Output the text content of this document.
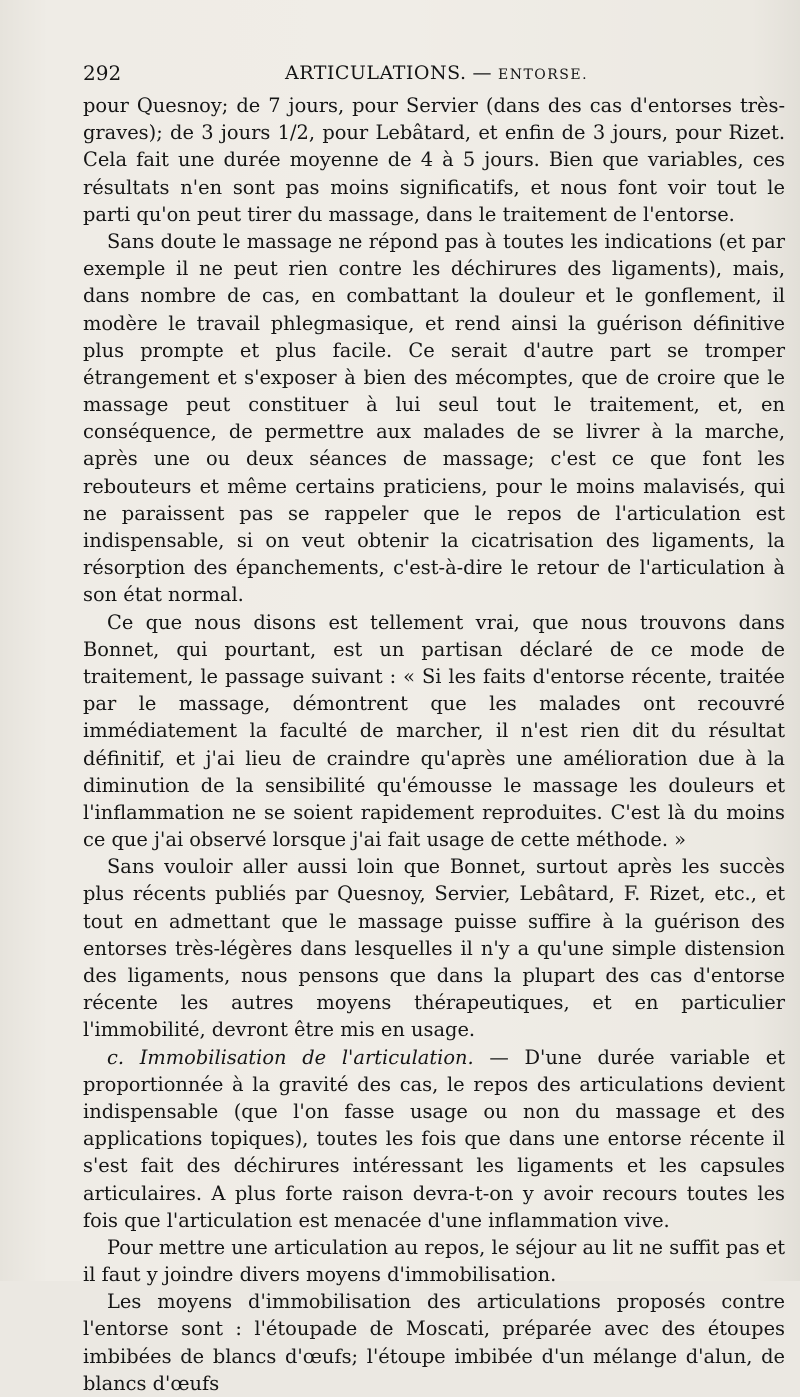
292	ARTICULATIONS. — ENTORSE.

pour Quesnoy; de 7 jours, pour Servier (dans des cas d'entorses très-graves); de 3 jours 1/2, pour Lebâtard, et enfin de 3 jours, pour Rizet. Cela fait une durée moyenne de 4 à 5 jours. Bien que variables, ces résultats n'en sont pas moins significatifs, et nous font voir tout le parti qu'on peut tirer du massage, dans le traitement de l'entorse.

Sans doute le massage ne répond pas à toutes les indications (et par exemple il ne peut rien contre les déchirures des ligaments), mais, dans nombre de cas, en combattant la douleur et le gonflement, il modère le travail phlegmasique, et rend ainsi la guérison définitive plus prompte et plus facile. Ce serait d'autre part se tromper étrangement et s'exposer à bien des mécomptes, que de croire que le massage peut constituer à lui seul tout le traitement, et, en conséquence, de permettre aux malades de se livrer à la marche, après une ou deux séances de massage; c'est ce que font les rebouteurs et même certains praticiens, pour le moins malavisés, qui ne paraissent pas se rappeler que le repos de l'articulation est indispensable, si on veut obtenir la cicatrisation des ligaments, la résorption des épanchements, c'est-à-dire le retour de l'articulation à son état normal.

Ce que nous disons est tellement vrai, que nous trouvons dans Bonnet, qui pourtant, est un partisan déclaré de ce mode de traitement, le passage suivant : « Si les faits d'entorse récente, traitée par le massage, démontrent que les malades ont recouvré immédiatement la faculté de marcher, il n'est rien dit du résultat définitif, et j'ai lieu de craindre qu'après une amélioration due à la diminution de la sensibilité qu'émousse le massage les douleurs et l'inflammation ne se soient rapidement reproduites. C'est là du moins ce que j'ai observé lorsque j'ai fait usage de cette méthode. »

Sans vouloir aller aussi loin que Bonnet, surtout après les succès plus récents publiés par Quesnoy, Servier, Lebâtard, F. Rizet, etc., et tout en admettant que le massage puisse suffire à la guérison des entorses très-légères dans lesquelles il n'y a qu'une simple distension des ligaments, nous pensons que dans la plupart des cas d'entorse récente les autres moyens thérapeutiques, et en particulier l'immobilité, devront être mis en usage.

c. Immobilisation de l'articulation. — D'une durée variable et proportionnée à la gravité des cas, le repos des articulations devient indispensable (que l'on fasse usage ou non du massage et des applications topiques), toutes les fois que dans une entorse récente il s'est fait des déchirures intéressant les ligaments et les capsules articulaires. A plus forte raison devra-t-on y avoir recours toutes les fois que l'articulation est menacée d'une inflammation vive.

Pour mettre une articulation au repos, le séjour au lit ne suffit pas et il faut y joindre divers moyens d'immobilisation.

Les moyens d'immobilisation des articulations proposés contre l'entorse sont : l'étoupade de Moscati, préparée avec des étoupes imbibées de blancs d'œufs; l'étoupe imbibée d'un mélange d'alun, de blancs d'œufs
